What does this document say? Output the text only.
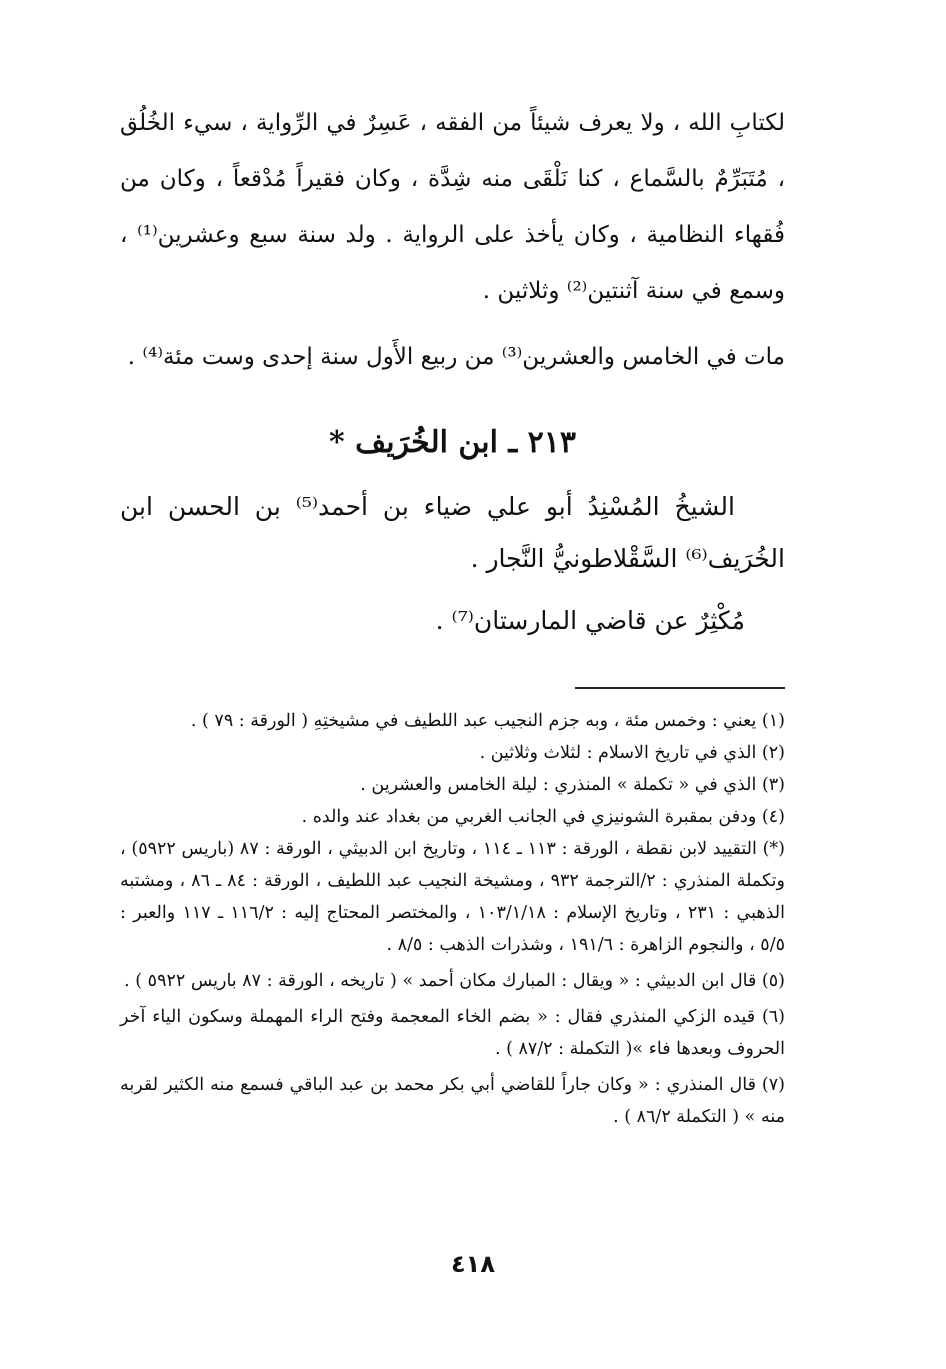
لكتابِ الله ، ولا يعرف شيئاً من الفقه ، عَسِرٌ في الرِّواية ، سيء الخُلُق ، مُتَبَرِّمٌ بالسَّماع ، كنا نَلْقَى منه شِدَّة ، وكان فقيراً مُدْقعاً ، وكان من فُقهاء النظامية ، وكان يأخذ على الرواية . ولد سنة سبع وعشرين⁽¹⁾ ، وسمع في سنة آثنتين⁽²⁾ وثلاثين .

مات في الخامس والعشرين⁽³⁾ من ربيع الأَول سنة إحدى وست مئة⁽⁴⁾ .

٢١٣ ـ ابن الخُرَيف *

الشيخُ المُسْنِدُ أبو علي ضياء بن أحمد⁽⁵⁾ بن الحسن ابن الخُرَيف⁽⁶⁾ السَّقْلاطونيُّ النَّجار .

مُكْثِرٌ عن قاضي المارستان⁽⁷⁾ .

(١) يعني : وخمس مئة ، وبه جزم النجيب عبد اللطيف في مشيختِهِ ( الورقة : ٧٩ ) .

(٢) الذي في تاريخ الاسلام : لثلاث وثلاثين .

(٣) الذي في « تكملة » المنذري : ليلة الخامس والعشرين .

(٤) ودفن بمقبرة الشونيزي في الجانب الغربي من بغداد عند والده .

(*) التقييد لابن نقطة ، الورقة : ١١٣ ـ ١١٤ ، وتاريخ ابن الدبيثي ، الورقة : ٨٧ (باريس ٥٩٢٢) ، وتكملة المنذري : ٢/الترجمة ٩٣٢ ، ومشيخة النجيب عبد اللطيف ، الورقة : ٨٤ ـ ٨٦ ، ومشتبه الذهبي : ٢٣١ ، وتاريخ الإسلام : ١٠٣/١/١٨ ، والمختصر المحتاج إليه : ١١٦/٢ ـ ١١٧ والعبر : ٥/٥ ، والنجوم الزاهرة : ١٩١/٦ ، وشذرات الذهب : ٨/٥ .

(٥) قال ابن الدبيثي : « ويقال : المبارك مكان أحمد » ( تاريخه ، الورقة : ٨٧ باريس ٥٩٢٢ ) .

(٦) قيده الزكي المنذري فقال : « بضم الخاء المعجمة وفتح الراء المهملة وسكون الياء آخر الحروف وبعدها فاء »( التكملة : ٨٧/٢ ) .

(٧) قال المنذري : « وكان جاراً للقاضي أبي بكر محمد بن عبد الباقي فسمع منه الكثير لقربه منه » ( التكملة ٨٦/٢ ) .

٤١٨
